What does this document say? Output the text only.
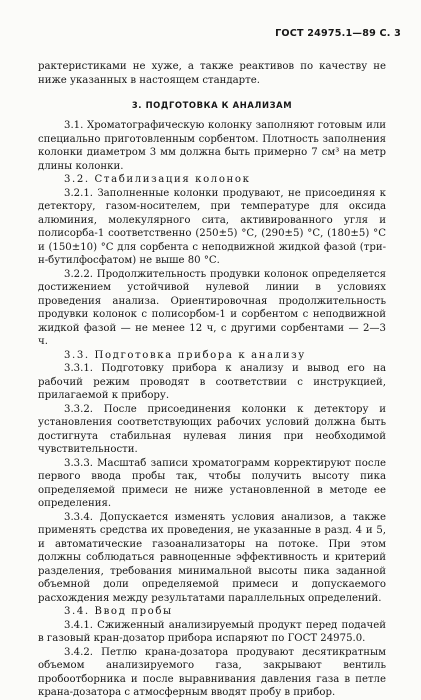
ГОСТ 24975.1—89 С. 3

рактеристиками не хуже, а также реактивов по качеству не ниже указанных в настоящем стандарте.

3. ПОДГОТОВКА К АНАЛИЗАМ

3.1. Хроматографическую колонку заполняют готовым или специально приготовленным сорбентом. Плотность заполнения колонки диаметром 3 мм должна быть примерно 7 см³ на метр длины колонки.

3.2. Стабилизация колонок

3.2.1. Заполненные колонки продувают, не присоединяя к детектору, газом-носителем, при температуре для оксида алюминия, молекулярного сита, активированного угля и полисорба-1 соответственно (250±5) °С, (290±5) °С, (180±5) °С и (150±10) °С для сорбента с неподвижной жидкой фазой (три-н-бутилфосфатом) не выше 80 °С.

3.2.2. Продолжительность продувки колонок определяется достижением устойчивой нулевой линии в условиях проведения анализа. Ориентировочная продолжительность продувки колонок с полисорбом-1 и сорбентом с неподвижной жидкой фазой — не менее 12 ч, с другими сорбентами — 2—3 ч.

3.3. Подготовка прибора к анализу

3.3.1. Подготовку прибора к анализу и вывод его на рабочий режим проводят в соответствии с инструкцией, прилагаемой к прибору.

3.3.2. После присоединения колонки к детектору и установления соответствующих рабочих условий должна быть достигнута стабильная нулевая линия при необходимой чувствительности.

3.3.3. Масштаб записи хроматограмм корректируют после первого ввода пробы так, чтобы получить высоту пика определяемой примеси не ниже установленной в методе ее определения.

3.3.4. Допускается изменять условия анализов, а также применять средства их проведения, не указанные в разд. 4 и 5, и автоматические газоанализаторы на потоке. При этом должны соблюдаться равноценные эффективность и критерий разделения, требования минимальной высоты пика заданной объемной доли определяемой примеси и допускаемого расхождения между результатами параллельных определений.

3.4. Ввод пробы

3.4.1. Сжиженный анализируемый продукт перед подачей в газовый кран-дозатор прибора испаряют по ГОСТ 24975.0.

3.4.2. Петлю крана-дозатора продувают десятикратным объемом анализируемого газа, закрывают вентиль пробоотборника и после выравнивания давления газа в петле крана-дозатора с атмосферным вводят пробу в прибор.
